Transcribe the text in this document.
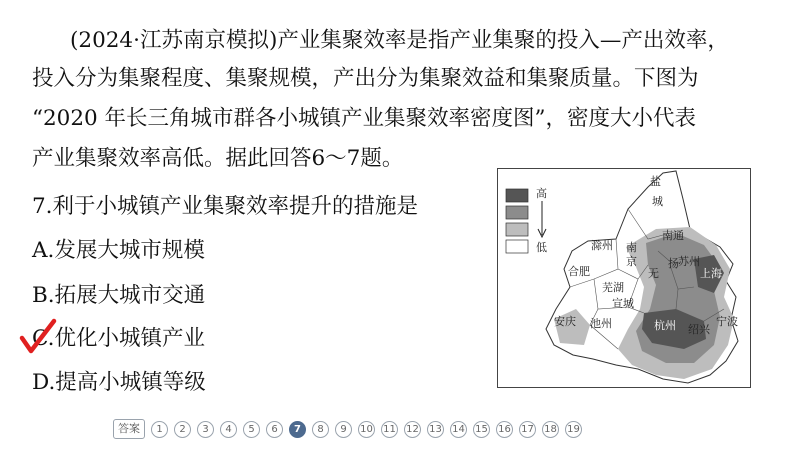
(2024·江苏南京模拟)产业集聚效率是指产业集聚的投入—产出效率，
投入分为集聚程度、集聚规模，产出分为集聚效益和集聚质量。下图为
“2020 年长三角城市群各小城镇产业集聚效率密度图”，密度大小代表
产业集聚效率高低。据此回答6～7题。
7.利于小城镇产业集聚效率提升的措施是
A.发展大城市规模
B.拓展大城市交通
C.优化小城镇产业
D.提高小城镇等级
高
低
盐
城
滁州 南
京
合肥
芜湖
南通
扬
无
苏州
上海
宣城
安庆 池州	杭州 绍兴
宁波
答案	1	2	3	4	5	6	7	8	9	10 11 12 13 14 15 16 17 18 19
